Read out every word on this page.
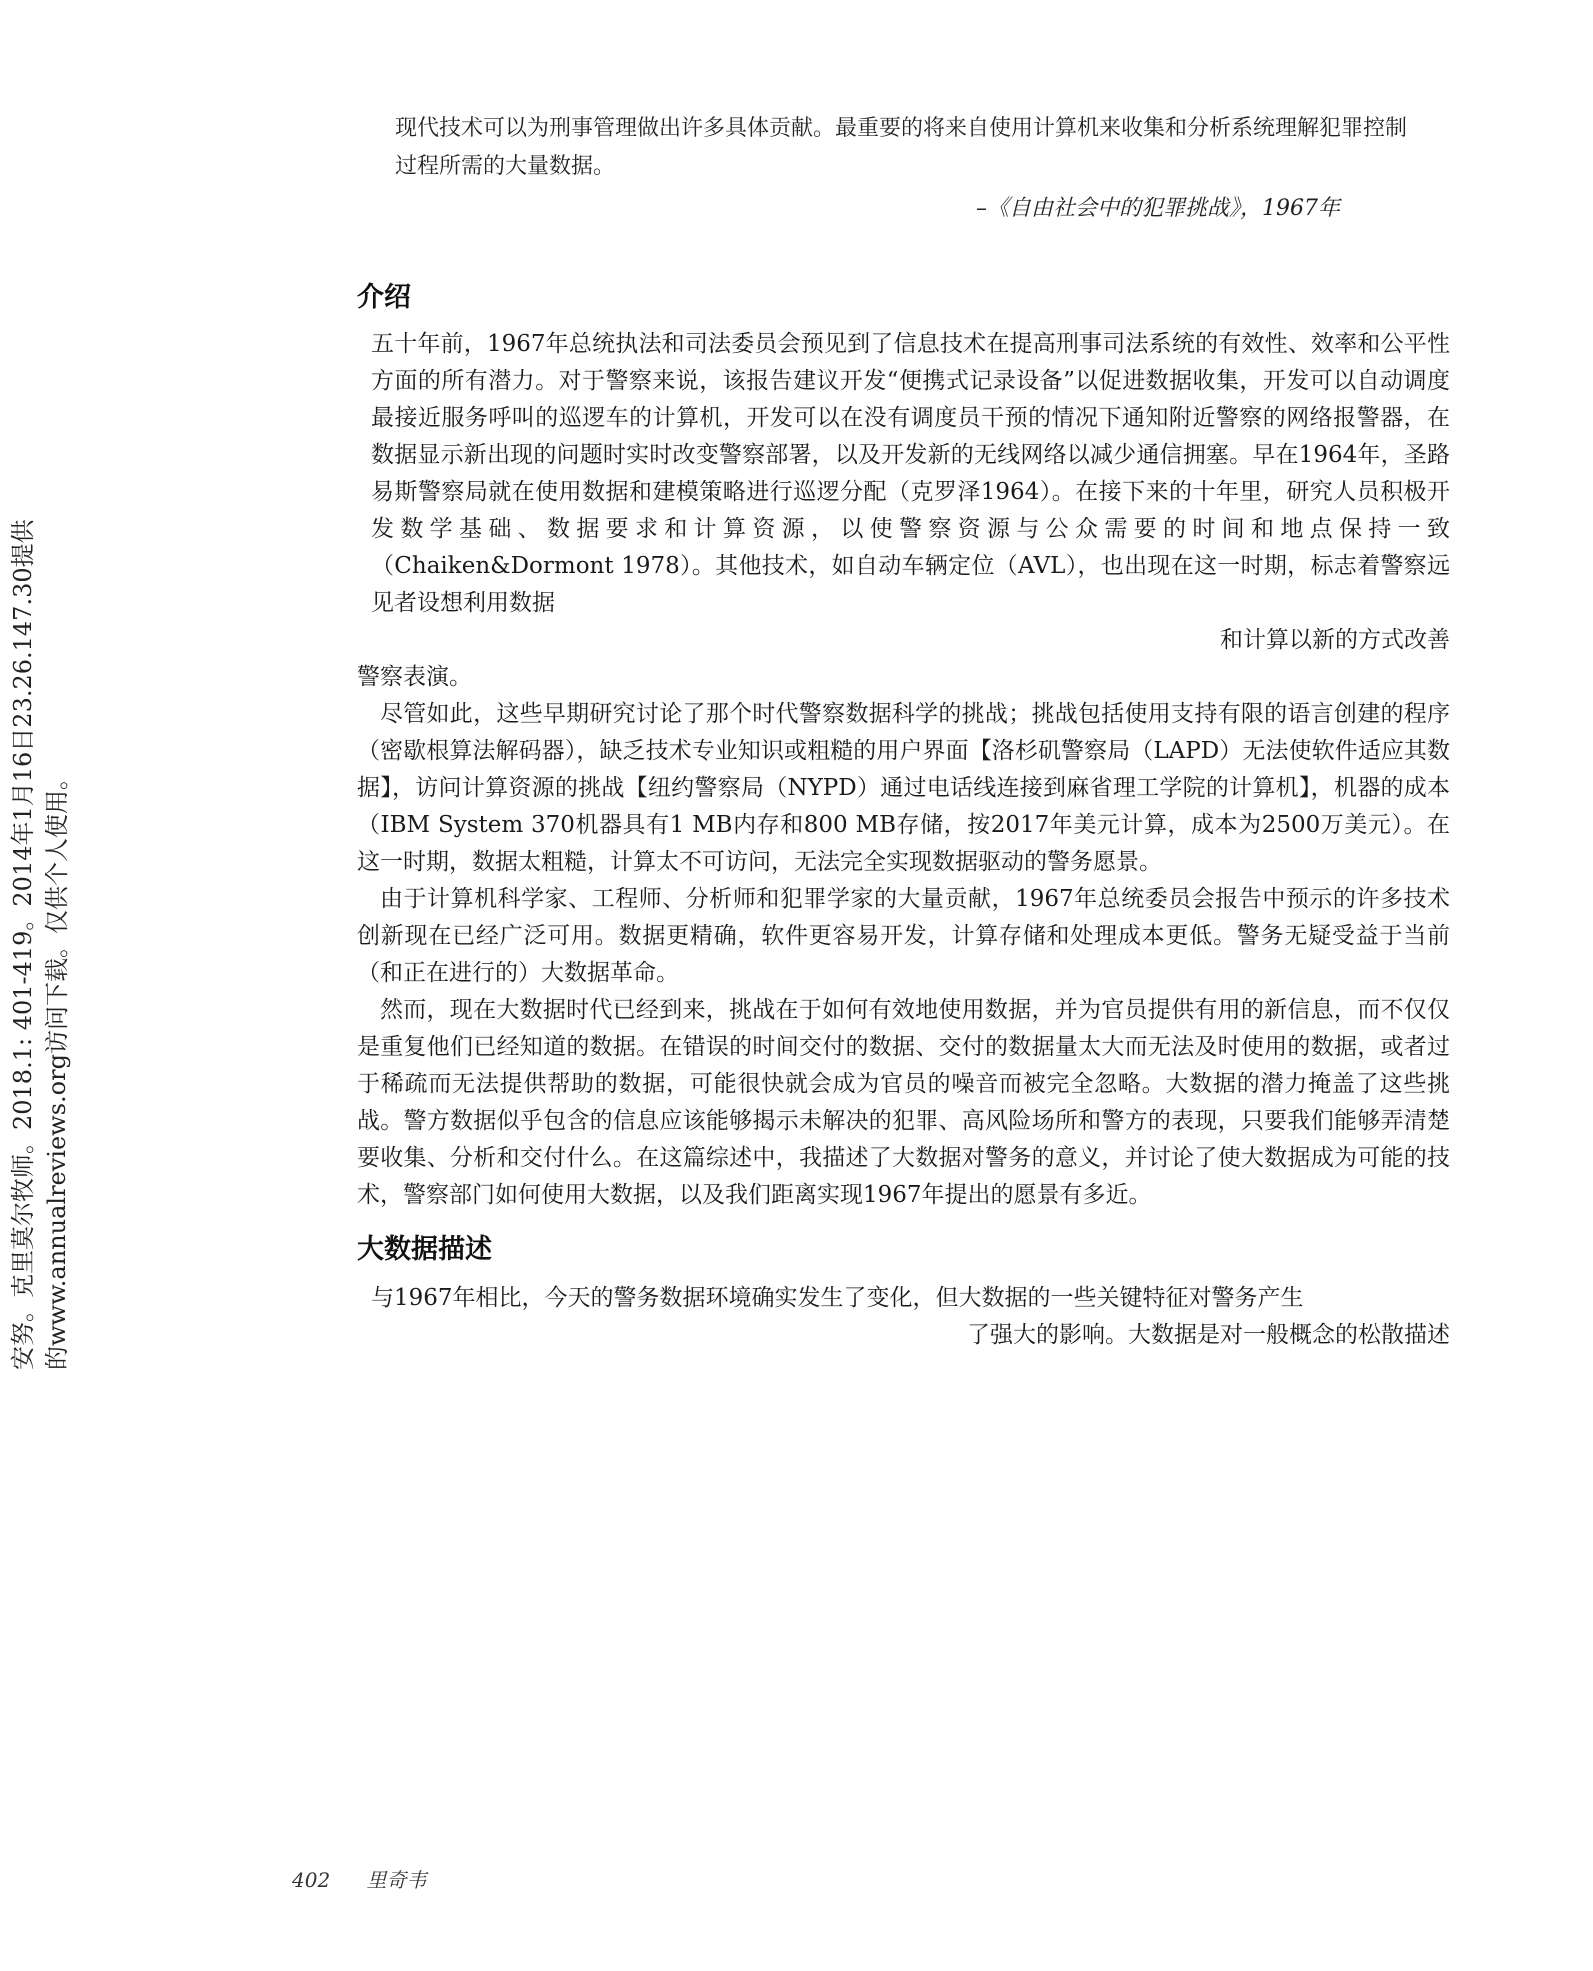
安努。克里莫尔牧师。2018.1: 401-419。2014年1月16日23.26.147.30提供 的www.annualreviews.org访问下载。仅供个人使用。

现代技术可以为刑事管理做出许多具体贡献。最重要的将来自使用计算机来收集和分析系统理解犯罪控制过程所需的大量数据。

–《自由社会中的犯罪挑战》，1967年

介绍

五十年前，1967年总统执法和司法委员会预见到了信息技术在提高刑事司法系统的有效性、效率和公平性方面的所有潜力。对于警察来说，该报告建议开发“便携式记录设备”以促进数据收集，开发可以自动调度最接近服务呼叫的巡逻车的计算机，开发可以在没有调度员干预的情况下通知附近警察的网络报警器，在数据显示新出现的问题时实时改变警察部署，以及开发新的无线网络以减少通信拥塞。早在1964年，圣路易斯警察局就在使用数据和建模策略进行巡逻分配（克罗泽1964）。在接下来的十年里，研究人员积极开发数学基础、数据要求和计算资源，以使警察资源与公众需要的时间和地点保持一致（Chaiken&Dormont 1978）。其他技术，如自动车辆定位（AVL），也出现在这一时期，标志着警察远见者设想利用数据
和计算以新的方式改善

警察表演。

尽管如此，这些早期研究讨论了那个时代警察数据科学的挑战；挑战包括使用支持有限的语言创建的程序（密歇根算法解码器），缺乏技术专业知识或粗糙的用户界面【洛杉矶警察局（LAPD）无法使软件适应其数据】，访问计算资源的挑战【纽约警察局（NYPD）通过电话线连接到麻省理工学院的计算机】，机器的成本（IBM System 370机器具有1 MB内存和800 MB存储，按2017年美元计算，成本为2500万美元）。在这一时期，数据太粗糙，计算太不可访问，无法完全实现数据驱动的警务愿景。

由于计算机科学家、工程师、分析师和犯罪学家的大量贡献，1967年总统委员会报告中预示的许多技术创新现在已经广泛可用。数据更精确，软件更容易开发，计算存储和处理成本更低。警务无疑受益于当前（和正在进行的）大数据革命。

然而，现在大数据时代已经到来，挑战在于如何有效地使用数据，并为官员提供有用的新信息，而不仅仅是重复他们已经知道的数据。在错误的时间交付的数据、交付的数据量太大而无法及时使用的数据，或者过于稀疏而无法提供帮助的数据，可能很快就会成为官员的噪音而被完全忽略。大数据的潜力掩盖了这些挑战。警方数据似乎包含的信息应该能够揭示未解决的犯罪、高风险场所和警方的表现，只要我们能够弄清楚要收集、分析和交付什么。在这篇综述中，我描述了大数据对警务的意义，并讨论了使大数据成为可能的技术，警察部门如何使用大数据，以及我们距离实现1967年提出的愿景有多近。

大数据描述

与1967年相比，今天的警务数据环境确实发生了变化，但大数据的一些关键特征对警务产生
了强大的影响。大数据是对一般概念的松散描述

402 里奇韦
